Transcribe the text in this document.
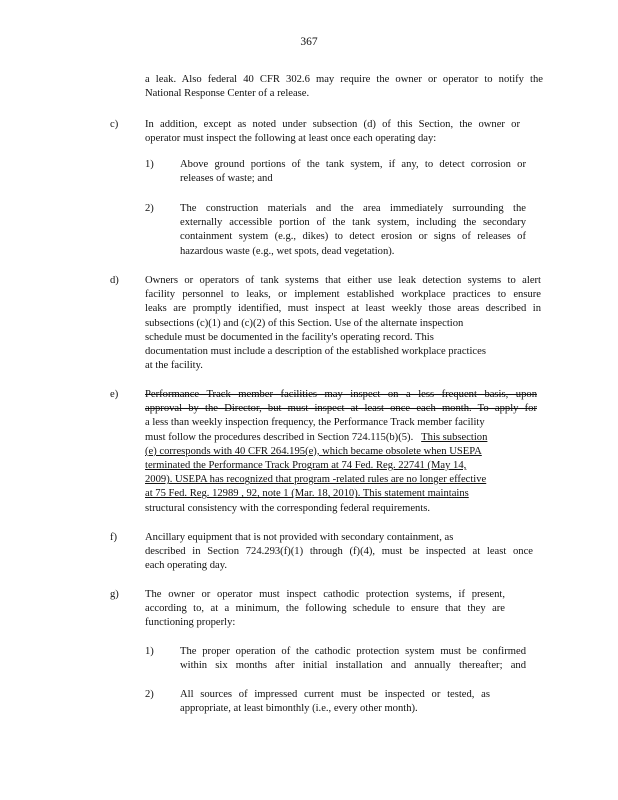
367
a leak. Also federal 40 CFR 302.6 may require the owner or operator to notify the
National Response Center of a release.
c)	In addition, except as noted under subsection (d) of this Section, the owner or
operator must inspect the following at least once each operating day:
1) Above ground portions of the tank system, if any, to detect corrosion or
releases of waste; and
2) The construction materials and the area immediately surrounding the
externally accessible portion of the tank system, including the secondary
containment system (e.g., dikes) to detect erosion or signs of releases of
hazardous waste (e.g., wet spots, dead vegetation).
d) Owners or operators of tank systems that either use leak detection systems to alert
facility personnel to leaks, or implement established workplace practices to ensure
leaks are promptly identified, must inspect at least weekly those areas described in
subsections (c)(1) and (c)(2) of this Section. Use of the alternate inspection
schedule must be documented in the facility's operating record. This
documentation must include a description of the established workplace practices
at the facility.
e)	Performance Track member facilities may inspect on a less frequent basis, upon
approval by the Director, but must inspect at least once each month. To apply for
a less than weekly inspection frequency, the Performance Track member facility
must follow the procedures described in Section 724.115(b)(5). This subsection
(e) corresponds with 40 CFR 264.195(e), which became obsolete when USEPA
terminated the Performance Track Program at 74 Fed. Reg. 22741 (May 14,
2009). USEPA has recognized that program -related rules are no longer effective
at 75 Fed. Reg. 12989 , 92, note 1 (Mar. 18, 2010). This statement maintains
structural consistency with the corresponding federal requirements.
f)	Ancillary equipment that is not provided with secondary containment, as
described in Section 724.293(f)(1) through (f)(4), must be inspected at least once
each operating day.
g) The owner or operator must inspect cathodic protection systems, if present,
according to, at a minimum, the following schedule to ensure that they are
functioning properly:
1) The proper operation of the cathodic protection system must be confirmed
within six months after initial installation and annually thereafter; and
2) All sources of impressed current must be inspected or tested, as
appropriate, at least bimonthly (i.e., every other month).
